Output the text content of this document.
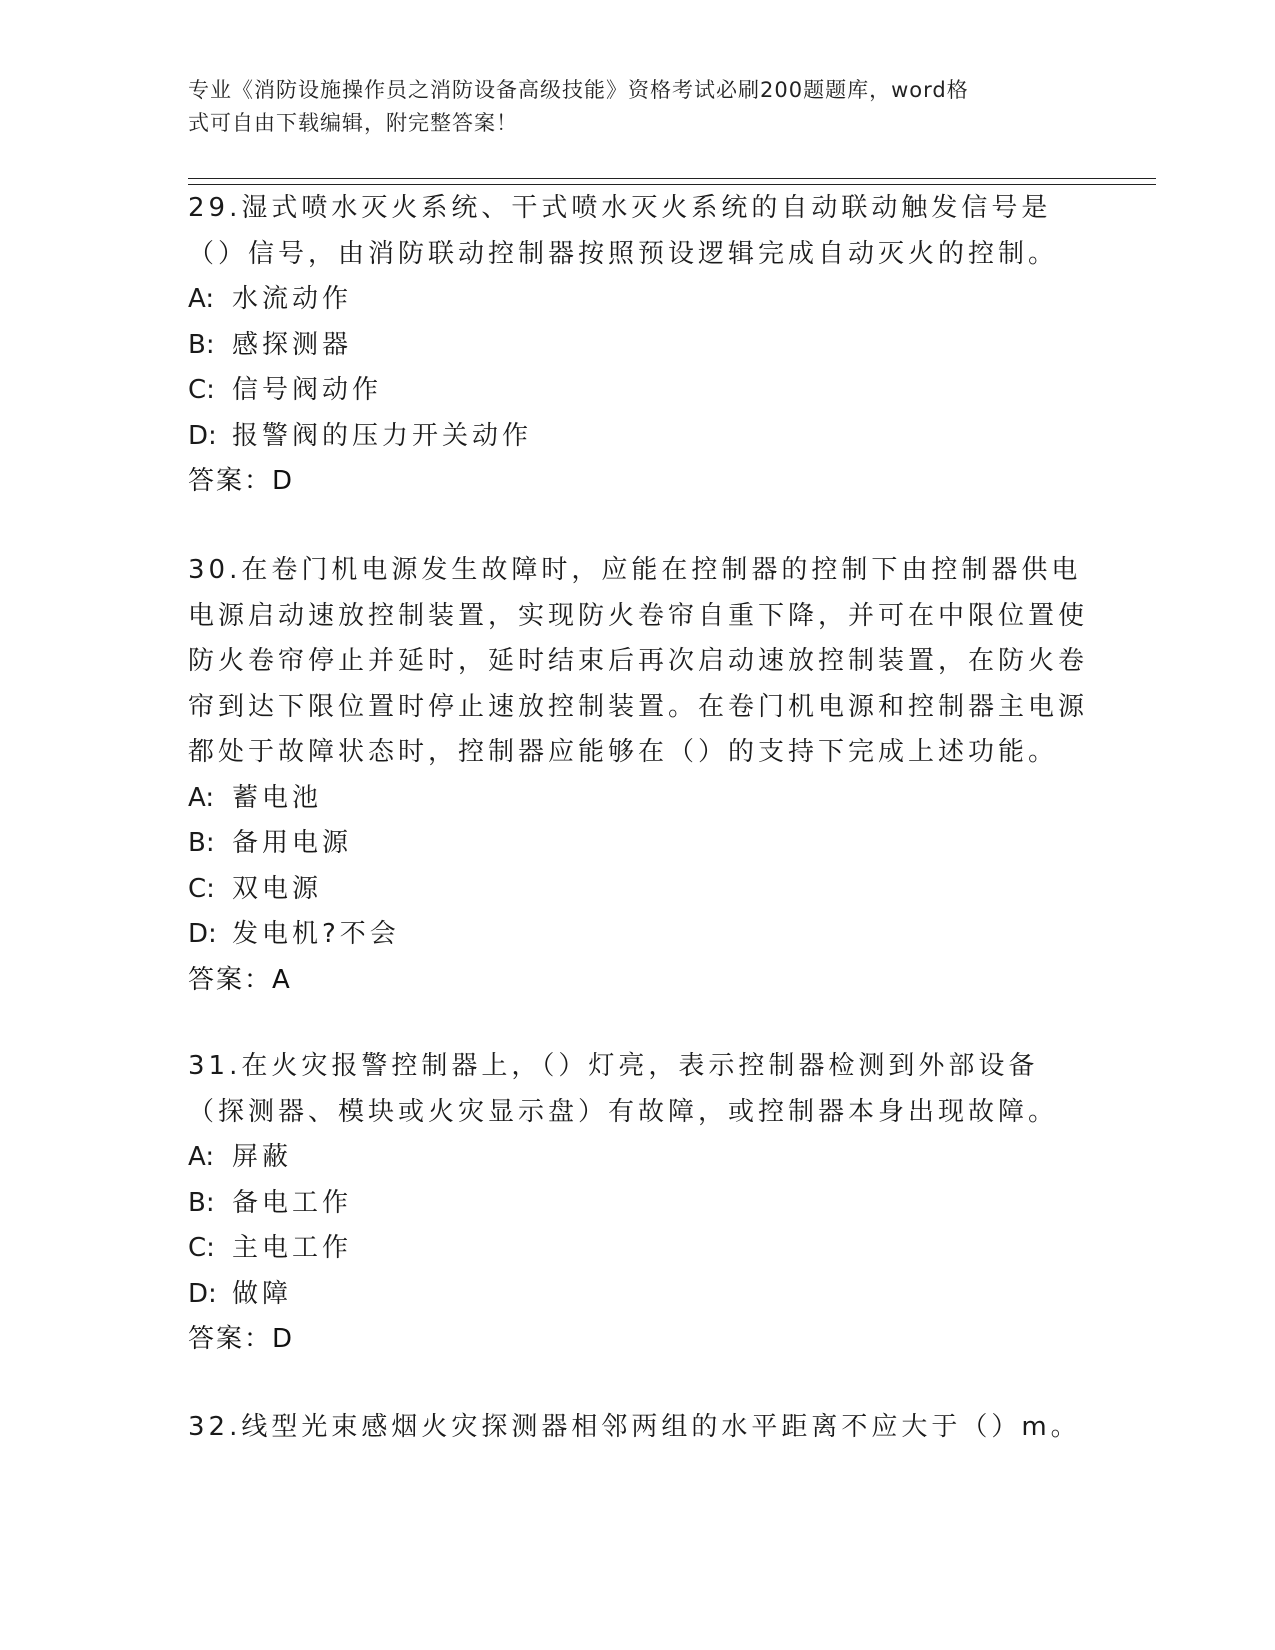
专业《消防设施操作员之消防设备高级技能》资格考试必刷200题题库，word格
式可自由下载编辑，附完整答案！

29.湿式喷水灭火系统、干式喷水灭火系统的自动联动触发信号是（）信号，由消防联动控制器按照预设逻辑完成自动灭火的控制。

A: 水流动作
B: 感探测器
C: 信号阀动作
D: 报警阀的压力开关动作
答案：D

30.在卷门机电源发生故障时，应能在控制器的控制下由控制器供电电源启动速放控制装置，实现防火卷帘自重下降，并可在中限位置使防火卷帘停止并延时，延时结束后再次启动速放控制装置，在防火卷帘到达下限位置时停止速放控制装置。在卷门机电源和控制器主电源都处于故障状态时，控制器应能够在（）的支持下完成上述功能。

A: 蓄电池
B: 备用电源
C: 双电源
D: 发电机?不会
答案：A

31.在火灾报警控制器上，（）灯亮，表示控制器检测到外部设备（探测器、模块或火灾显示盘）有故障，或控制器本身出现故障。

A: 屏蔽
B: 备电工作
C: 主电工作
D: 做障
答案：D

32.线型光束感烟火灾探测器相邻两组的水平距离不应大于（）m。
